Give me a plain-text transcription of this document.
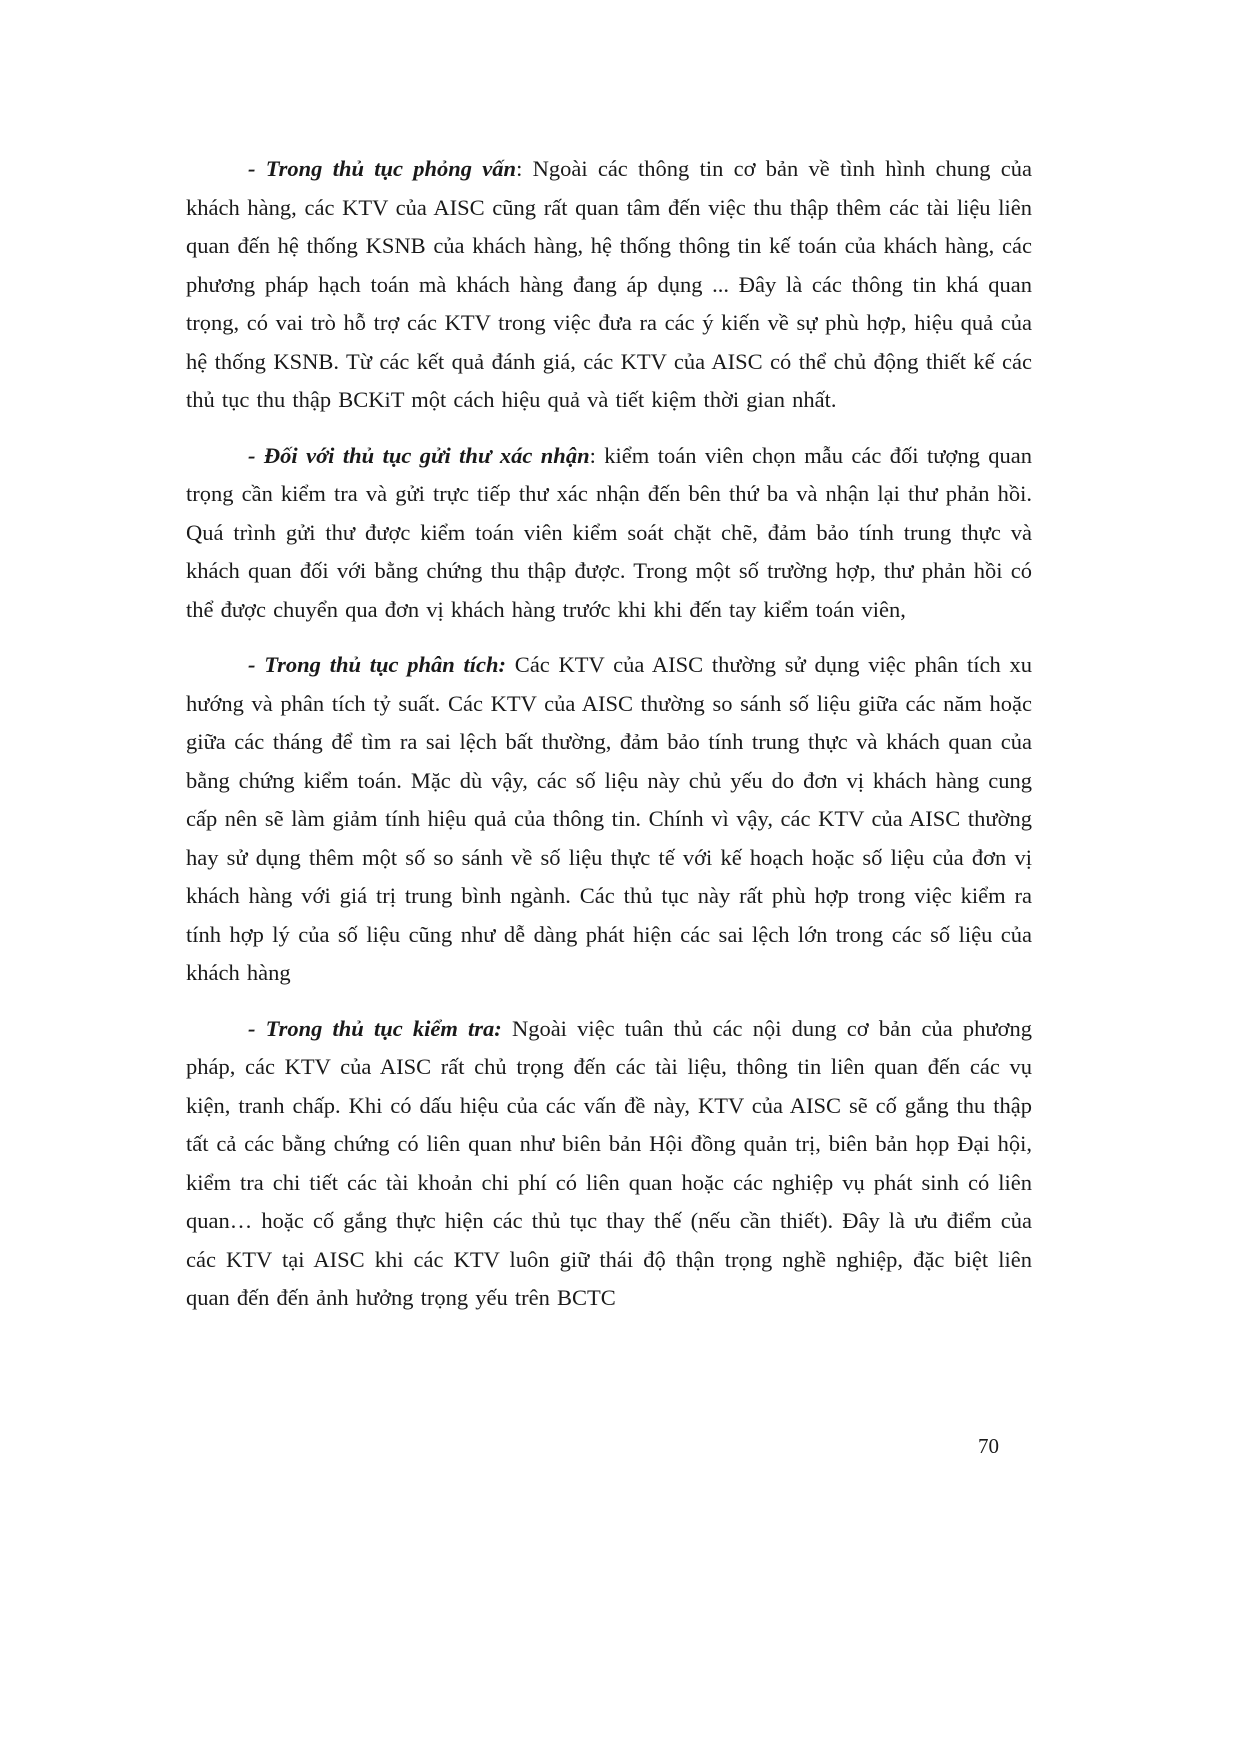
- Trong thủ tục phỏng vấn: Ngoài các thông tin cơ bản về tình hình chung của khách hàng, các KTV của AISC cũng rất quan tâm đến việc thu thập thêm các tài liệu liên quan đến hệ thống KSNB của khách hàng, hệ thống thông tin kế toán của khách hàng, các phương pháp hạch toán mà khách hàng đang áp dụng ... Đây là các thông tin khá quan trọng, có vai trò hỗ trợ các KTV trong việc đưa ra các ý kiến về sự phù hợp, hiệu quả của hệ thống KSNB. Từ các kết quả đánh giá, các KTV của AISC có thể chủ động thiết kế các thủ tục thu thập BCKiT một cách hiệu quả và tiết kiệm thời gian nhất.

- Đối với thủ tục gửi thư xác nhận: kiểm toán viên chọn mẫu các đối tượng quan trọng cần kiểm tra và gửi trực tiếp thư xác nhận đến bên thứ ba và nhận lại thư phản hồi. Quá trình gửi thư được kiểm toán viên kiểm soát chặt chẽ, đảm bảo tính trung thực và khách quan đối với bằng chứng thu thập được. Trong một số trường hợp, thư phản hồi có thể được chuyển qua đơn vị khách hàng trước khi khi đến tay kiểm toán viên,

- Trong thủ tục phân tích: Các KTV của AISC thường sử dụng việc phân tích xu hướng và phân tích tỷ suất. Các KTV của AISC thường so sánh số liệu giữa các năm hoặc giữa các tháng để tìm ra sai lệch bất thường, đảm bảo tính trung thực và khách quan của bằng chứng kiểm toán. Mặc dù vậy, các số liệu này chủ yếu do đơn vị khách hàng cung cấp nên sẽ làm giảm tính hiệu quả của thông tin. Chính vì vậy, các KTV của AISC thường hay sử dụng thêm một số so sánh về số liệu thực tế với kế hoạch hoặc số liệu của đơn vị khách hàng với giá trị trung bình ngành. Các thủ tục này rất phù hợp trong việc kiểm ra tính hợp lý của số liệu cũng như dễ dàng phát hiện các sai lệch lớn trong các số liệu của khách hàng

- Trong thủ tục kiểm tra: Ngoài việc tuân thủ các nội dung cơ bản của phương pháp, các KTV của AISC rất chủ trọng đến các tài liệu, thông tin liên quan đến các vụ kiện, tranh chấp. Khi có dấu hiệu của các vấn đề này, KTV của AISC sẽ cố gắng thu thập tất cả các bằng chứng có liên quan như biên bản Hội đồng quản trị, biên bản họp Đại hội, kiểm tra chi tiết các tài khoản chi phí có liên quan hoặc các nghiệp vụ phát sinh có liên quan… hoặc cố gắng thực hiện các thủ tục thay thế (nếu cần thiết). Đây là ưu điểm của các KTV tại AISC khi các KTV luôn giữ thái độ thận trọng nghề nghiệp, đặc biệt liên quan đến đến ảnh hưởng trọng yếu trên BCTC

70
